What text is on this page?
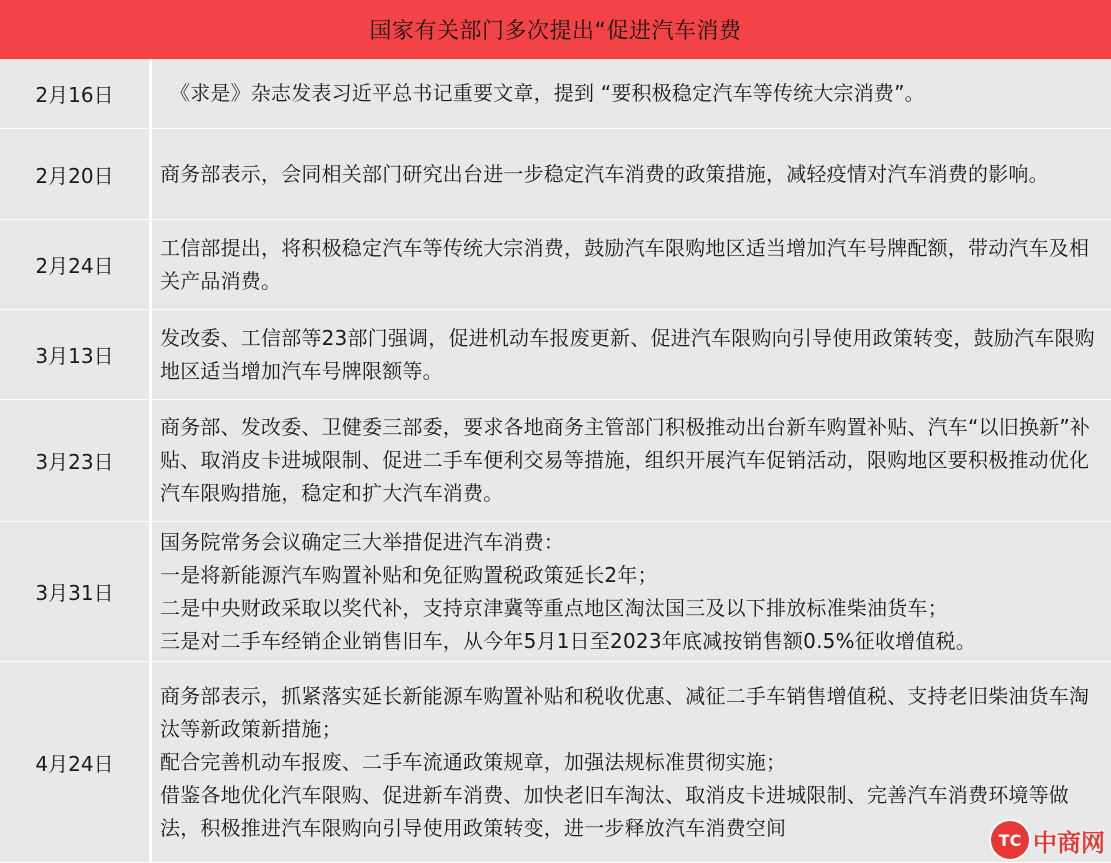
国家有关部门多次提出“促进汽车消费
2月16日	《求是》杂志发表习近平总书记重要文章，提到 “要积极稳定汽车等传统大宗消费”。
2月20日	商务部表示，会同相关部门研究出台进一步稳定汽车消费的政策措施，减轻疫情对汽车消费的影响。
2月24日
工信部提出，将积极稳定汽车等传统大宗消费，鼓励汽车限购地区适当增加汽车号牌配额，带动汽车及相关产品消费。
3月13日
发改委、工信部等23部门强调，促进机动车报废更新、促进汽车限购向引导使用政策转变，鼓励汽车限购地区适当增加汽车号牌限额等。
3月23日
商务部、发改委、卫健委三部委，要求各地商务主管部门积极推动出台新车购置补贴、汽车“以旧换新”补贴、取消皮卡进城限制、促进二手车便利交易等措施，组织开展汽车促销活动，限购地区要积极推动优化汽车限购措施，稳定和扩大汽车消费。
3月31日
国务院常务会议确定三大举措促进汽车消费：
一是将新能源汽车购置补贴和免征购置税政策延长2年；
二是中央财政采取以奖代补，支持京津冀等重点地区淘汰国三及以下排放标准柴油货车；
三是对二手车经销企业销售旧车，从今年5月1日至2023年底减按销售额0.5%征收增值税。
4月24日
商务部表示，抓紧落实延长新能源车购置补贴和税收优惠、减征二手车销售增值税、支持老旧柴油货车淘汰等新政策新措施；
配合完善机动车报废、二手车流通政策规章，加强法规标准贯彻实施；
借鉴各地优化汽车限购、促进新车消费、加快老旧车淘汰、取消皮卡进城限制、完善汽车消费环境等做法，积极推进汽车限购向引导使用政策转变，进一步释放汽车消费空间
TC 中商网
